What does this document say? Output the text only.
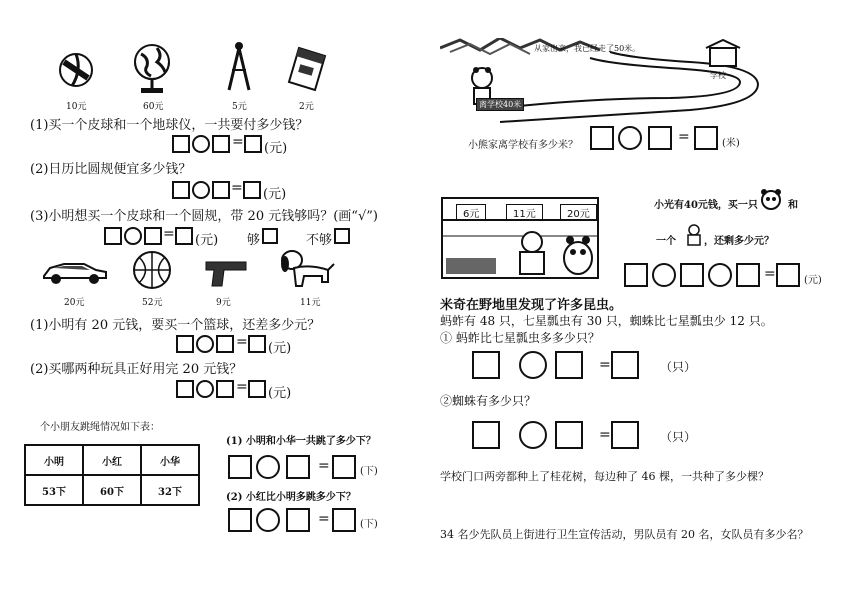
10元	60元	5元	2元
(1)买一个皮球和一个地球仪，一共要付多少钱？
= (元)
(2)日历比圆规便宜多少钱？
= (元)
(3)小明想买一个皮球和一个圆规，带 20 元钱够吗？(画“√”)
= (元) 够	不够
20元	52元	9元	11元
(1)小明有 20 元钱，要买一个篮球，还差多少元？
= (元)
(2)买哪两种玩具正好用完 20 元钱？
= (元)
个小朋友跳绳情况如下表：
小明	小红	小华
53下	60下	32下
(1) 小明和小华一共跳了多少下？
=	(下)
(2) 小红比小明多跳多少下？
=	(下)
从家出来，我已经走了50米。
学校
离学校40米
小熊家离学校有多少米？
=	(米)
6元	11元	20元
小光有40元钱，买一只	和
一个	，还剩多少元？
=	(元)
米奇在野地里发现了许多昆虫。
蚂蚱有 48 只，七星瓢虫有 30 只，蜘蛛比七星瓢虫少 12 只。
① 蚂蚱比七星瓢虫多多少只？
=	（只）
②蜘蛛有多少只？
=	（只）
学校门口两旁都种上了桂花树，每边种了 46 棵，一共种了多少棵？
34 名少先队员上街进行卫生宣传活动，男队员有 20 名，女队员有多少名？
